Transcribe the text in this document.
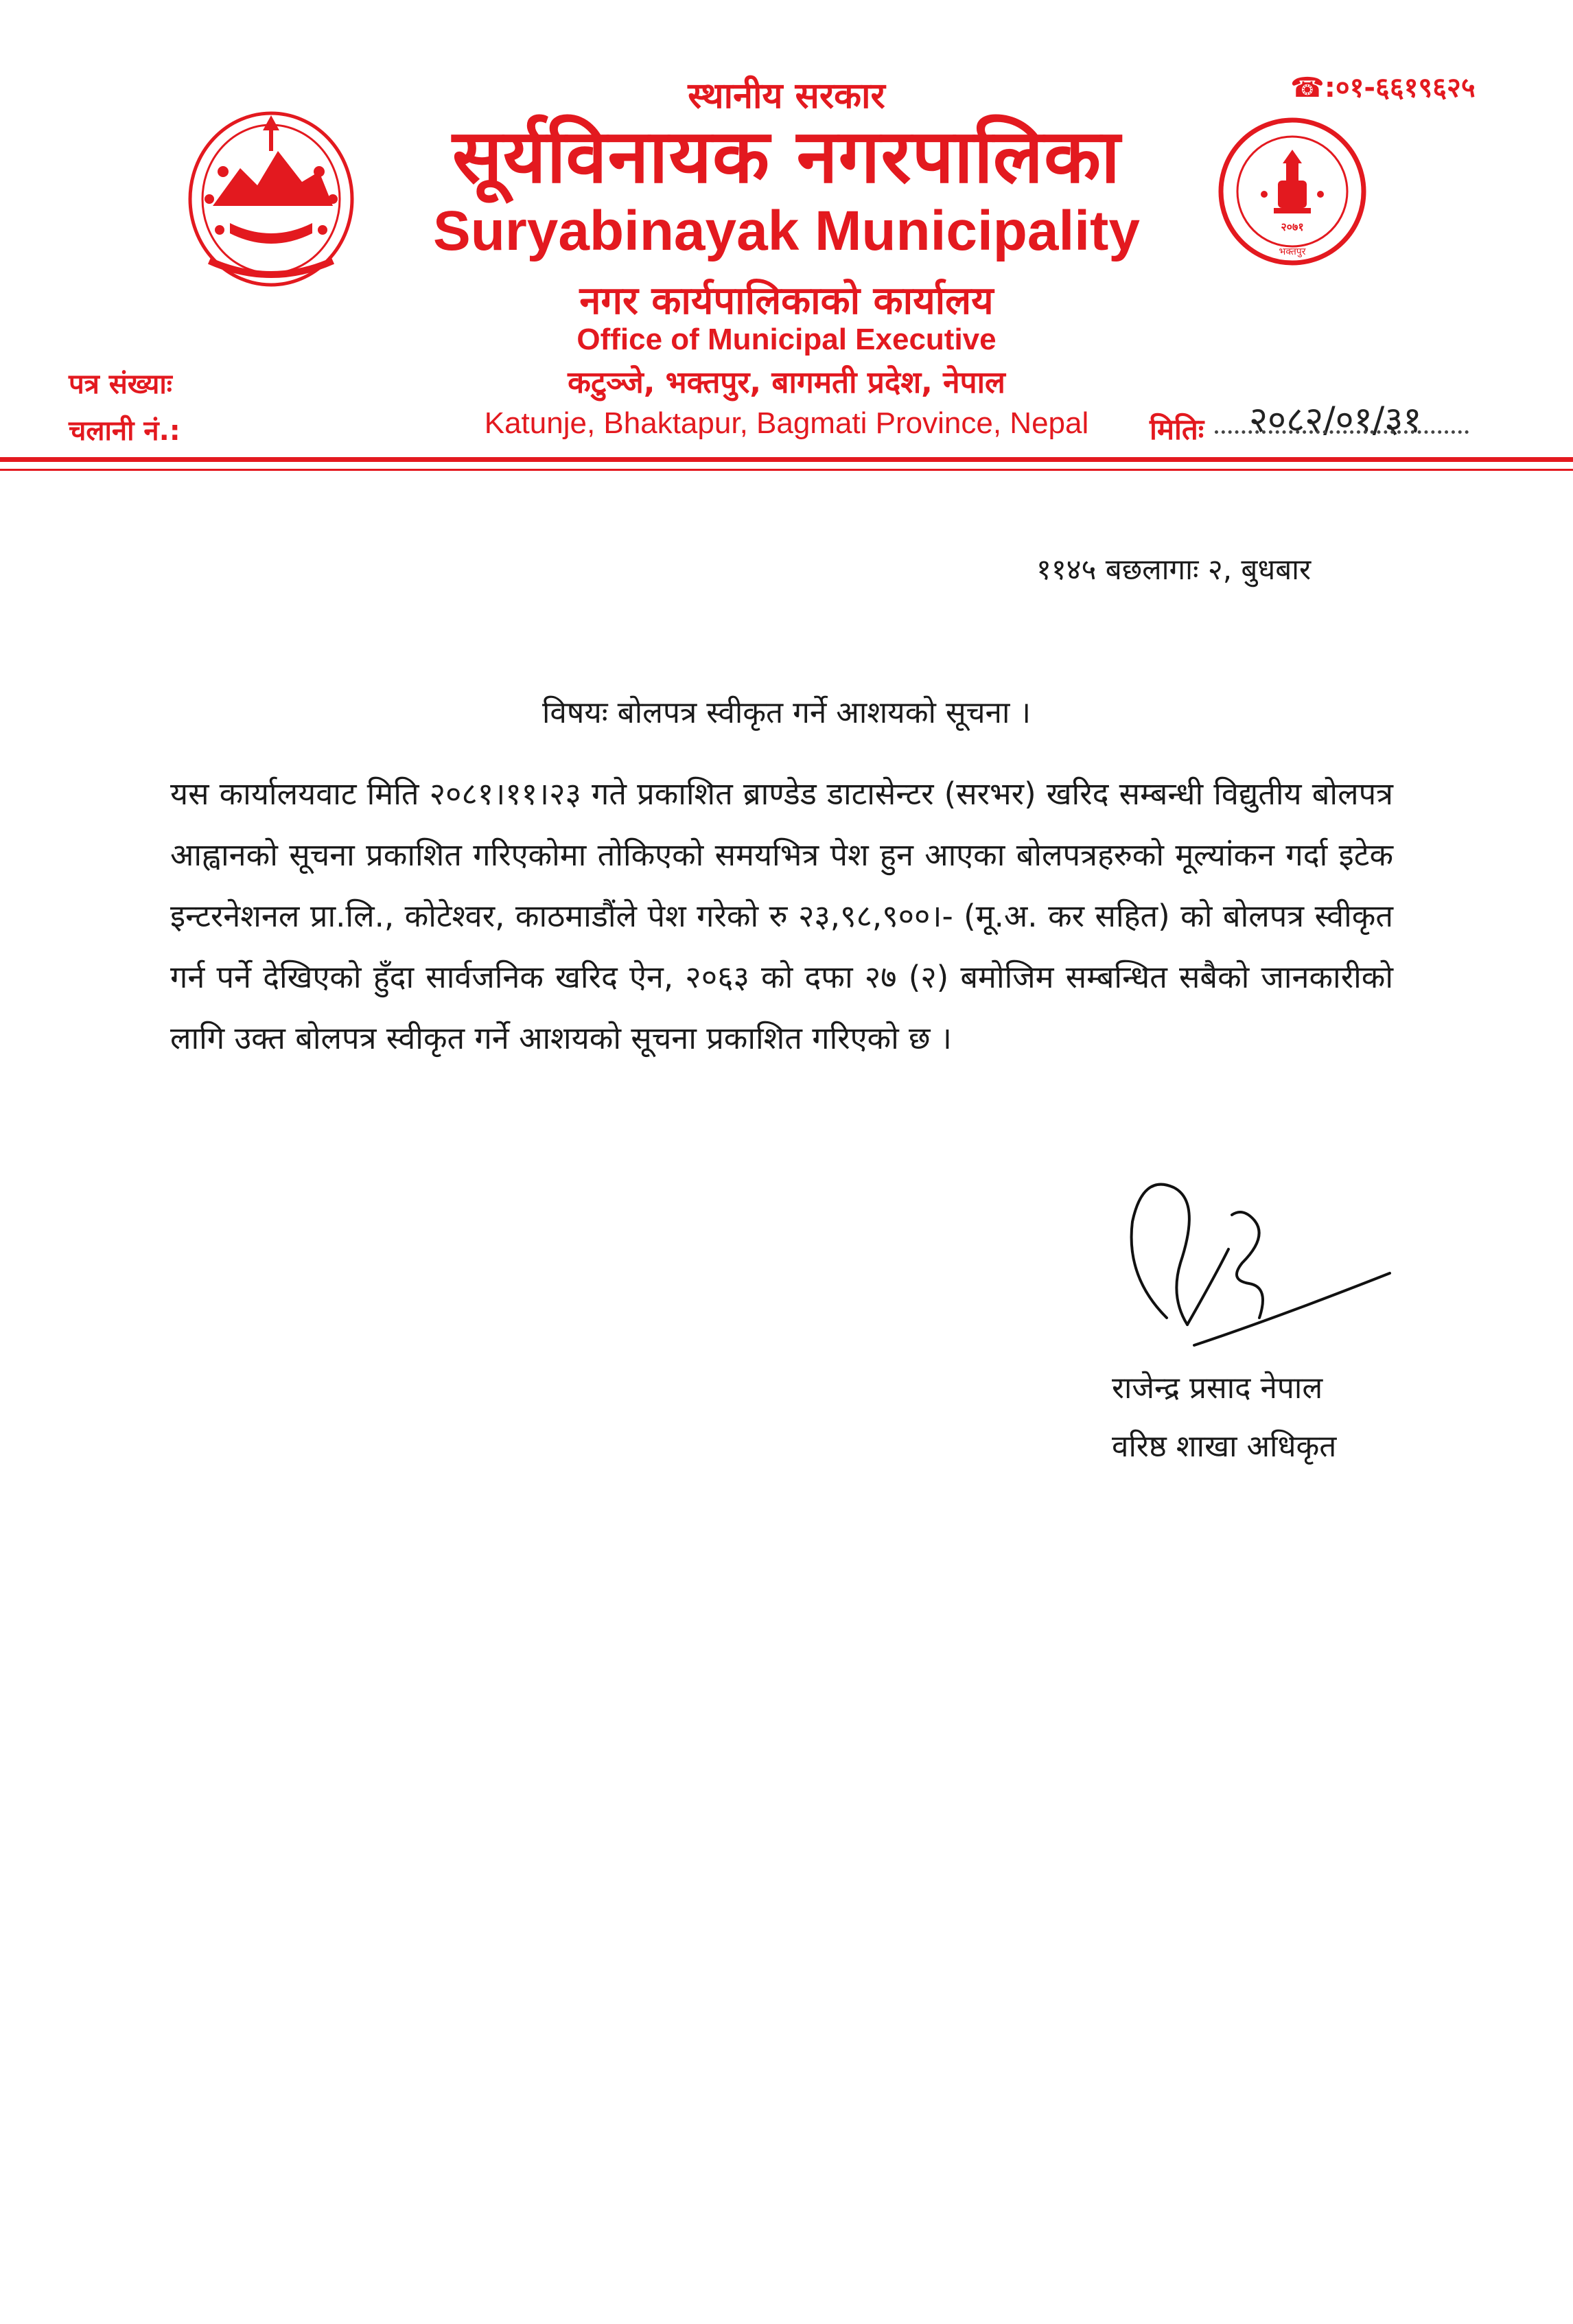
२०७१
भक्तपुर
स्थानीय सरकार
सूर्यविनायक नगरपालिका
Suryabinayak Municipality
नगर कार्यपालिकाको कार्यालय
Office of Municipal Executive
कटुञ्जे, भक्तपुर, बागमती प्रदेश, नेपाल
Katunje, Bhaktapur, Bagmati Province, Nepal
☎:०१-६६१९६२५
पत्र संख्याः
चलानी नं.:	मितिः २०८२/०१/३१
११४५ बछलागाः २, बुधबार
विषयः बोलपत्र स्वीकृत गर्ने आशयको सूचना ।
यस कार्यालयवाट मिति २०८१।११।२३ गते प्रकाशित ब्राण्डेड डाटासेन्टर (सरभर) खरिद सम्बन्धी विद्युतीय बोलपत्र आह्वानको सूचना प्रकाशित गरिएकोमा तोकिएको समयभित्र पेश हुन आएका बोलपत्रहरुको मूल्यांकन गर्दा इटेक इन्टरनेशनल प्रा.लि., कोटेश्वर, काठमाडौंले पेश गरेको रु २३,९८,९००।- (मू.अ. कर सहित) को बोलपत्र स्वीकृत गर्न पर्ने देखिएको हुँदा सार्वजनिक खरिद ऐन, २०६३ को दफा २७ (२) बमोजिम सम्बन्धित सबैको जानकारीको लागि उक्त बोलपत्र स्वीकृत गर्ने आशयको सूचना प्रकाशित गरिएको छ ।
राजेन्द्र प्रसाद नेपाल
वरिष्ठ शाखा अधिकृत
